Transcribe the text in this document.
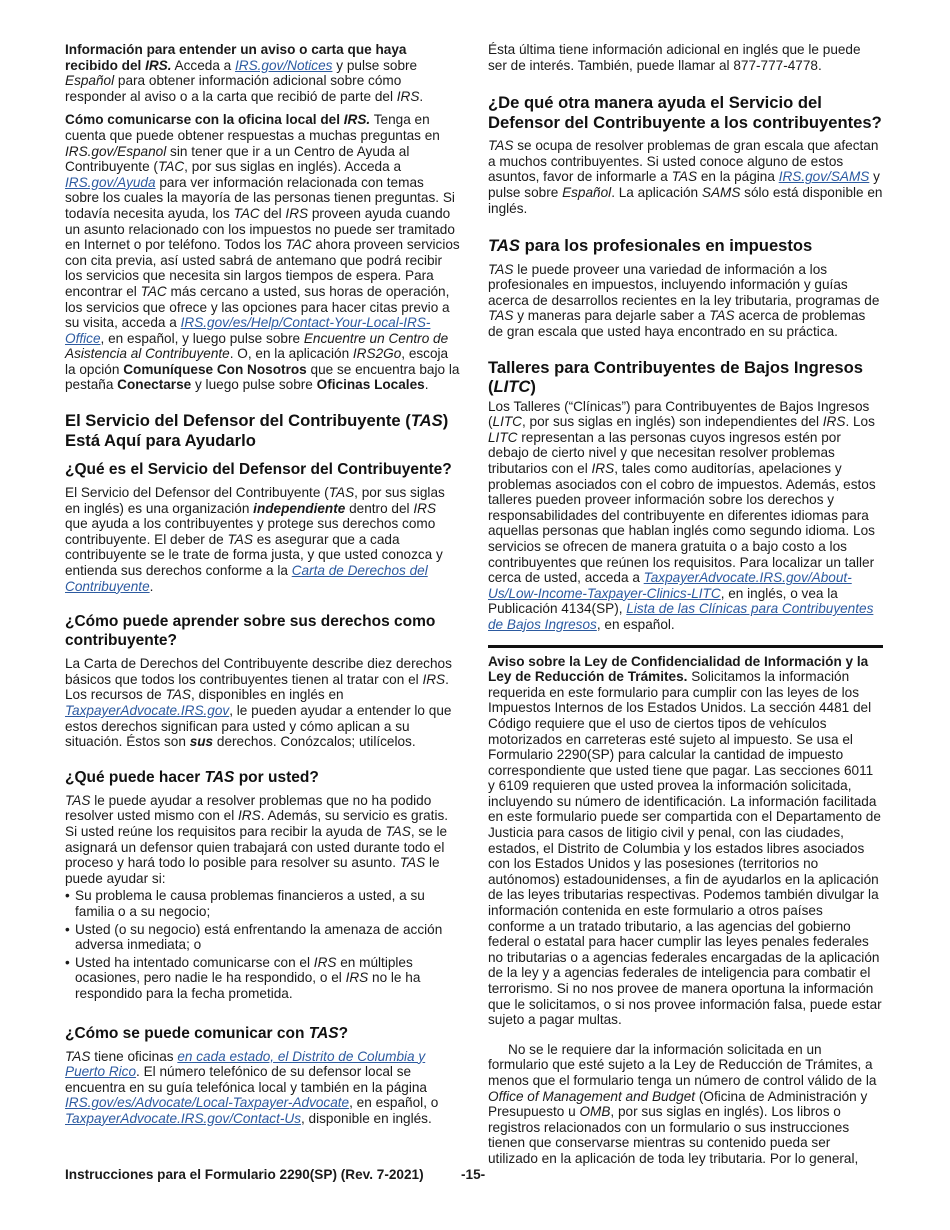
Información para entender un aviso o carta que haya recibido del IRS. Acceda a IRS.gov/Notices y pulse sobre Español para obtener información adicional sobre cómo responder al aviso o a la carta que recibió de parte del IRS.

Cómo comunicarse con la oficina local del IRS. Tenga en cuenta que puede obtener respuestas a muchas preguntas en IRS.gov/Espanol sin tener que ir a un Centro de Ayuda al Contribuyente (TAC, por sus siglas en inglés). Acceda a IRS.gov/Ayuda para ver información relacionada con temas sobre los cuales la mayoría de las personas tienen preguntas. Si todavía necesita ayuda, los TAC del IRS proveen ayuda cuando un asunto relacionado con los impuestos no puede ser tramitado en Internet o por teléfono. Todos los TAC ahora proveen servicios con cita previa, así usted sabrá de antemano que podrá recibir los servicios que necesita sin largos tiempos de espera. Para encontrar el TAC más cercano a usted, sus horas de operación, los servicios que ofrece y las opciones para hacer citas previo a su visita, acceda a IRS.gov/es/Help/Contact-Your-Local-IRS-Office, en español, y luego pulse sobre Encuentre un Centro de Asistencia al Contribuyente. O, en la aplicación IRS2Go, escoja la opción Comuníquese Con Nosotros que se encuentra bajo la pestaña Conectarse y luego pulse sobre Oficinas Locales.

El Servicio del Defensor del Contribuyente (TAS) Está Aquí para Ayudarlo
¿Qué es el Servicio del Defensor del Contribuyente?

El Servicio del Defensor del Contribuyente (TAS, por sus siglas en inglés) es una organización independiente dentro del IRS que ayuda a los contribuyentes y protege sus derechos como contribuyente. El deber de TAS es asegurar que a cada contribuyente se le trate de forma justa, y que usted conozca y entienda sus derechos conforme a la Carta de Derechos del Contribuyente.

¿Cómo puede aprender sobre sus derechos como contribuyente?

La Carta de Derechos del Contribuyente describe diez derechos básicos que todos los contribuyentes tienen al tratar con el IRS. Los recursos de TAS, disponibles en inglés en TaxpayerAdvocate.IRS.gov, le pueden ayudar a entender lo que estos derechos significan para usted y cómo aplican a su situación. Éstos son sus derechos. Conózcalos; utilícelos.

¿Qué puede hacer TAS por usted?

TAS le puede ayudar a resolver problemas que no ha podido resolver usted mismo con el IRS. Además, su servicio es gratis. Si usted reúne los requisitos para recibir la ayuda de TAS, se le asignará un defensor quien trabajará con usted durante todo el proceso y hará todo lo posible para resolver su asunto. TAS le puede ayudar si:

• Su problema le causa problemas financieros a usted, a su familia o a su negocio;
• Usted (o su negocio) está enfrentando la amenaza de acción adversa inmediata; o
• Usted ha intentado comunicarse con el IRS en múltiples ocasiones, pero nadie le ha respondido, o el IRS no le ha respondido para la fecha prometida.
¿Cómo se puede comunicar con TAS?

TAS tiene oficinas en cada estado, el Distrito de Columbia y Puerto Rico. El número telefónico de su defensor local se encuentra en su guía telefónica local y también en la página IRS.gov/es/Advocate/Local-Taxpayer-Advocate, en español, o TaxpayerAdvocate.IRS.gov/Contact-Us, disponible en inglés.

Ésta última tiene información adicional en inglés que le puede ser de interés. También, puede llamar al 877-777-4778.

¿De qué otra manera ayuda el Servicio del Defensor del Contribuyente a los contribuyentes?

TAS se ocupa de resolver problemas de gran escala que afectan a muchos contribuyentes. Si usted conoce alguno de estos asuntos, favor de informarle a TAS en la página IRS.gov/SAMS y pulse sobre Español. La aplicación SAMS sólo está disponible en inglés.

TAS para los profesionales en impuestos

TAS le puede proveer una variedad de información a los profesionales en impuestos, incluyendo información y guías acerca de desarrollos recientes en la ley tributaria, programas de TAS y maneras para dejarle saber a TAS acerca de problemas de gran escala que usted haya encontrado en su práctica.

Talleres para Contribuyentes de Bajos Ingresos (LITC)

Los Talleres (“Clínicas”) para Contribuyentes de Bajos Ingresos (LITC, por sus siglas en inglés) son independientes del IRS. Los LITC representan a las personas cuyos ingresos estén por debajo de cierto nivel y que necesitan resolver problemas tributarios con el IRS, tales como auditorías, apelaciones y problemas asociados con el cobro de impuestos. Además, estos talleres pueden proveer información sobre los derechos y responsabilidades del contribuyente en diferentes idiomas para aquellas personas que hablan inglés como segundo idioma. Los servicios se ofrecen de manera gratuita o a bajo costo a los contribuyentes que reúnen los requisitos. Para localizar un taller cerca de usted, acceda a TaxpayerAdvocate.IRS.gov/About-Us/Low-Income-Taxpayer-Clinics-LITC, en inglés, o vea la Publicación 4134(SP), Lista de las Clínicas para Contribuyentes de Bajos Ingresos, en español.

Aviso sobre la Ley de Confidencialidad de Información y la Ley de Reducción de Trámites. Solicitamos la información requerida en este formulario para cumplir con las leyes de los Impuestos Internos de los Estados Unidos. La sección 4481 del Código requiere que el uso de ciertos tipos de vehículos motorizados en carreteras esté sujeto al impuesto. Se usa el Formulario 2290(SP) para calcular la cantidad de impuesto correspondiente que usted tiene que pagar. Las secciones 6011 y 6109 requieren que usted provea la información solicitada, incluyendo su número de identificación. La información facilitada en este formulario puede ser compartida con el Departamento de Justicia para casos de litigio civil y penal, con las ciudades, estados, el Distrito de Columbia y los estados libres asociados con los Estados Unidos y las posesiones (territorios no autónomos) estadounidenses, a fin de ayudarlos en la aplicación de las leyes tributarias respectivas. Podemos también divulgar la información contenida en este formulario a otros países conforme a un tratado tributario, a las agencias del gobierno federal o estatal para hacer cumplir las leyes penales federales no tributarias o a agencias federales encargadas de la aplicación de la ley y a agencias federales de inteligencia para combatir el terrorismo. Si no nos provee de manera oportuna la información que le solicitamos, o si nos provee información falsa, puede estar sujeto a pagar multas.

No se le requiere dar la información solicitada en un formulario que esté sujeto a la Ley de Reducción de Trámites, a menos que el formulario tenga un número de control válido de la Office of Management and Budget (Oficina de Administración y Presupuesto u OMB, por sus siglas en inglés). Los libros o registros relacionados con un formulario o sus instrucciones tienen que conservarse mientras su contenido pueda ser utilizado en la aplicación de toda ley tributaria. Por lo general,

Instrucciones para el Formulario 2290(SP) (Rev. 7-2021)	-15-
